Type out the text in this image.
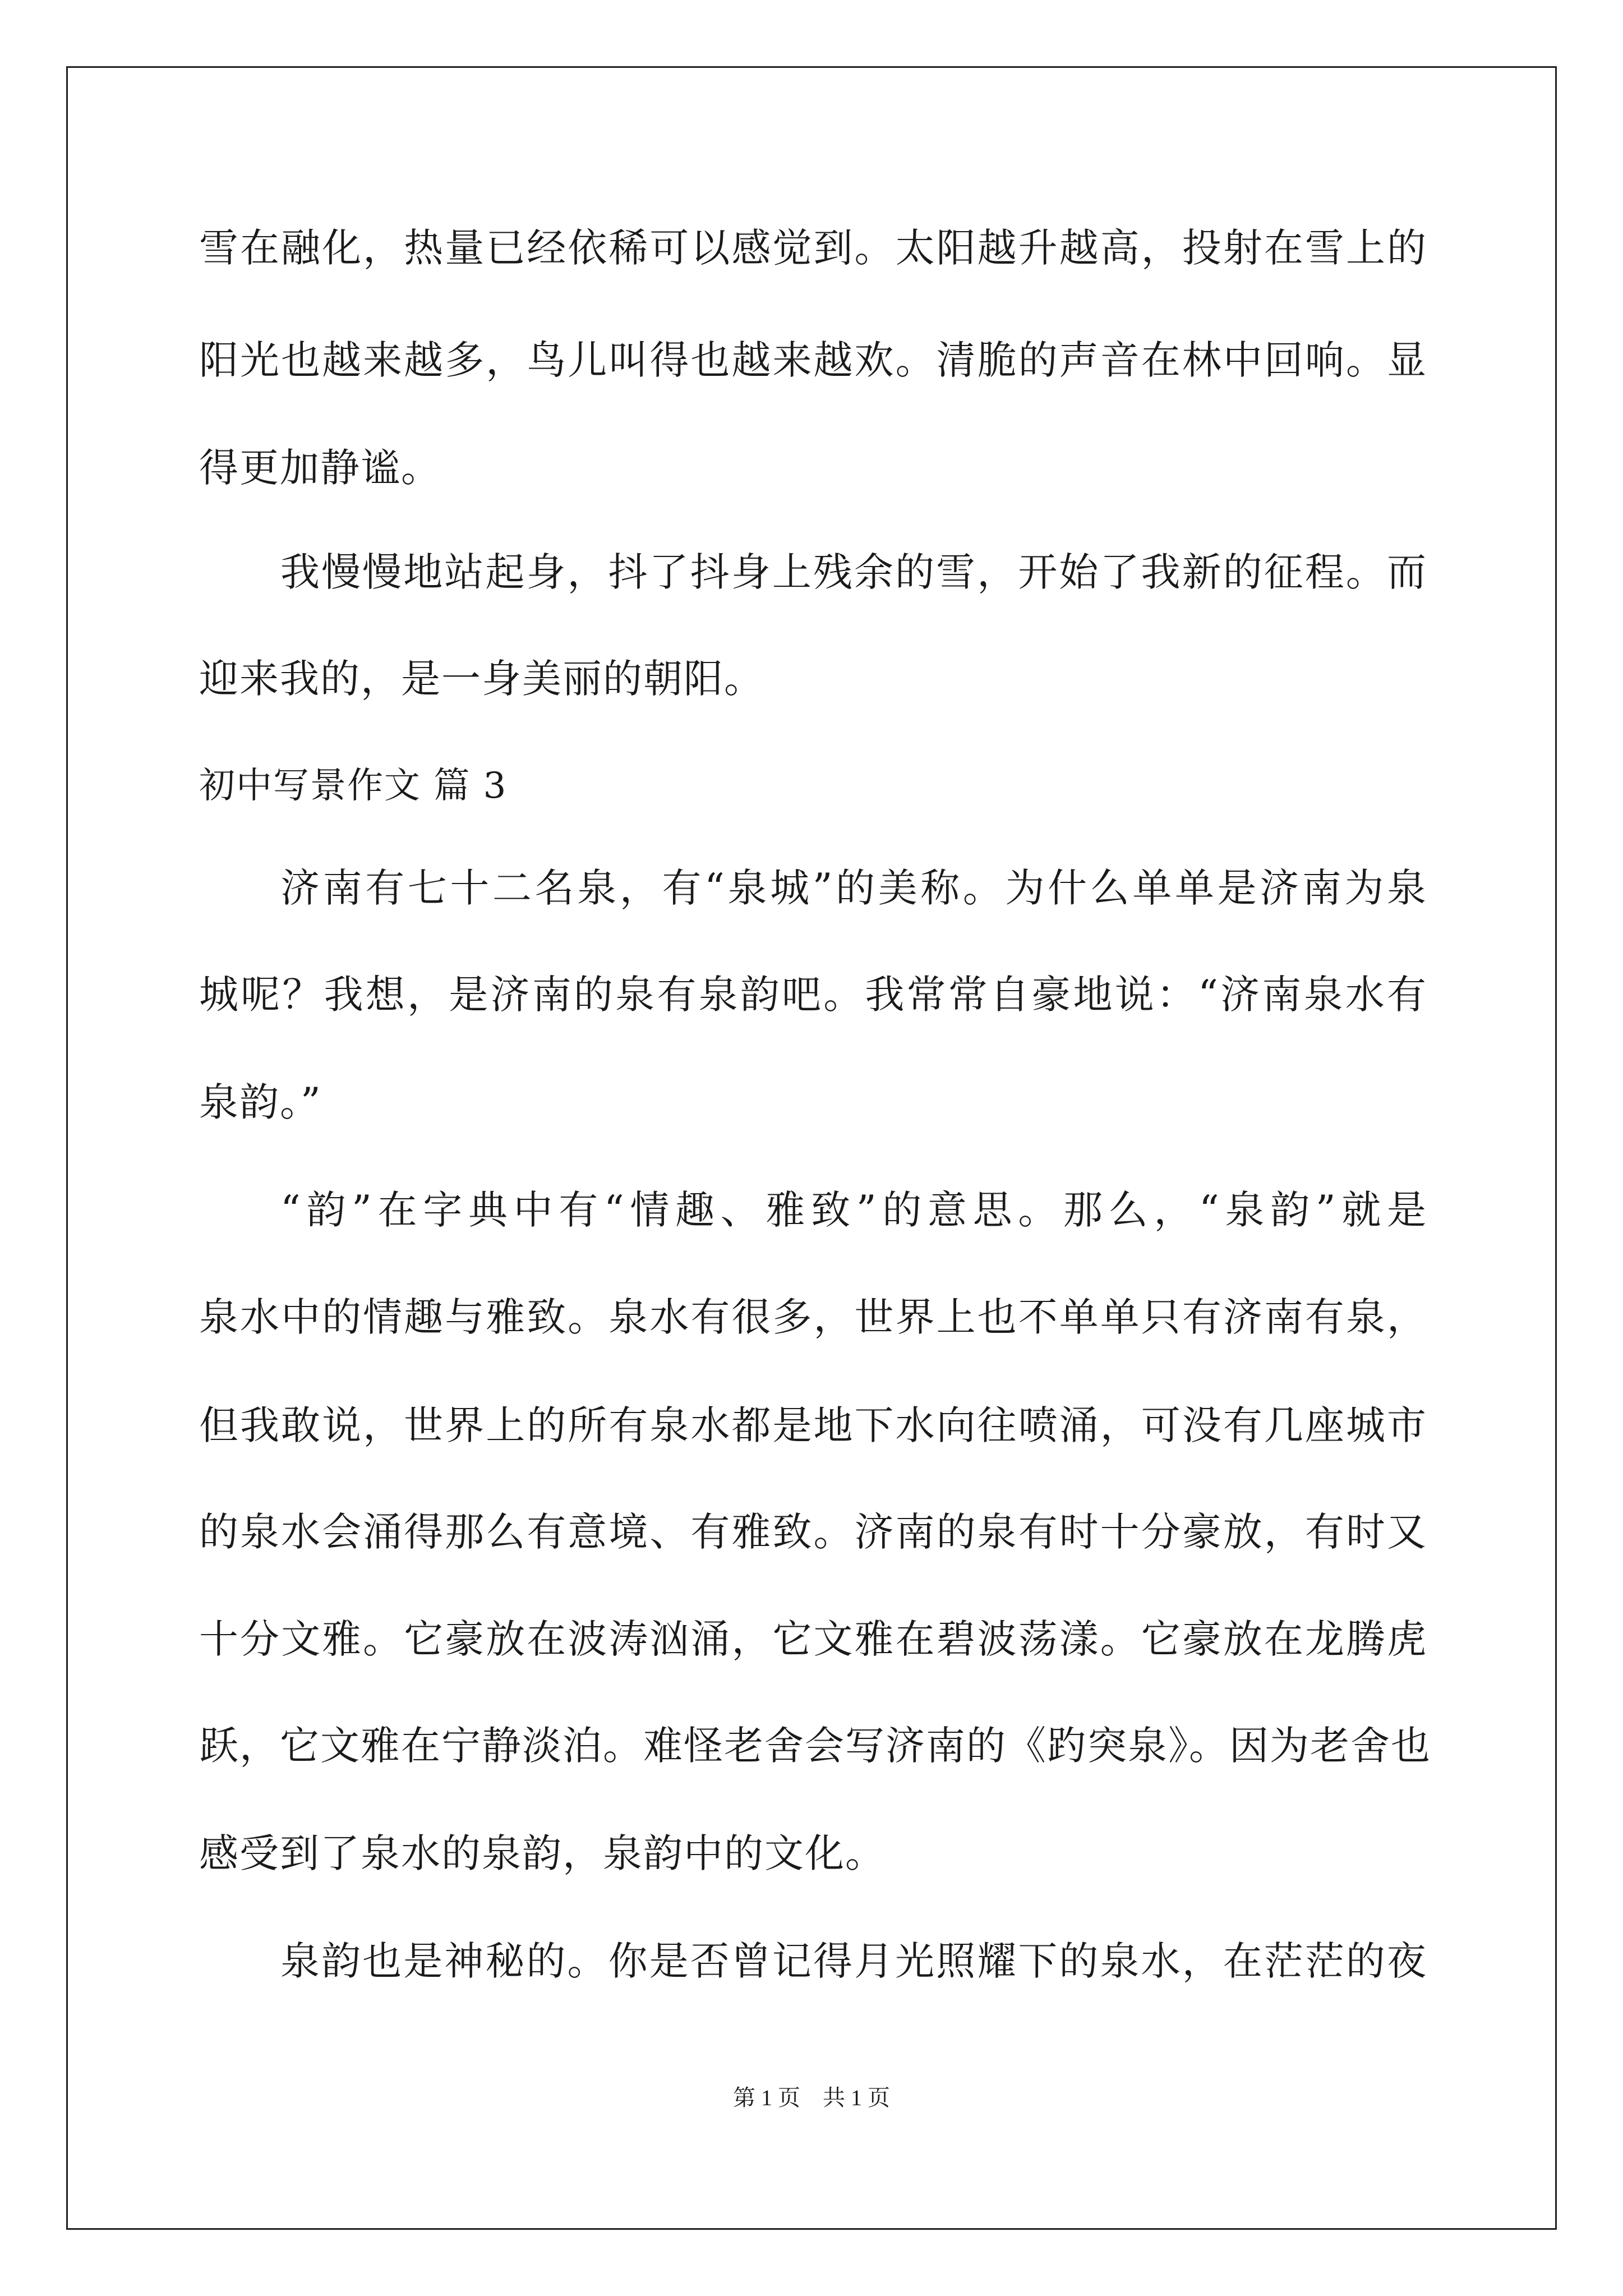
雪在融化，热量已经依稀可以感觉到。太阳越升越高，投射在雪上的
阳光也越来越多，鸟儿叫得也越来越欢。清脆的声音在林中回响。显
得更加静谧。
我慢慢地站起身，抖了抖身上残余的雪，开始了我新的征程。而
迎来我的，是一身美丽的朝阳。
初中写景作文 篇 3
济南有七十二名泉，有“泉城”的美称。为什么单单是济南为泉
城呢？我想，是济南的泉有泉韵吧。我常常自豪地说：“济南泉水有
泉韵。”
“韵”在字典中有“情趣、雅致”的意思。那么，“泉韵”就是
泉水中的情趣与雅致。泉水有很多，世界上也不单单只有济南有泉，
但我敢说，世界上的所有泉水都是地下水向往喷涌，可没有几座城市
的泉水会涌得那么有意境、有雅致。济南的泉有时十分豪放，有时又
十分文雅。它豪放在波涛汹涌，它文雅在碧波荡漾。它豪放在龙腾虎
跃，它文雅在宁静淡泊。难怪老舍会写济南的《趵突泉》。因为老舍也
感受到了泉水的泉韵，泉韵中的文化。
泉韵也是神秘的。你是否曾记得月光照耀下的泉水，在茫茫的夜
第 1 页    共 1 页
